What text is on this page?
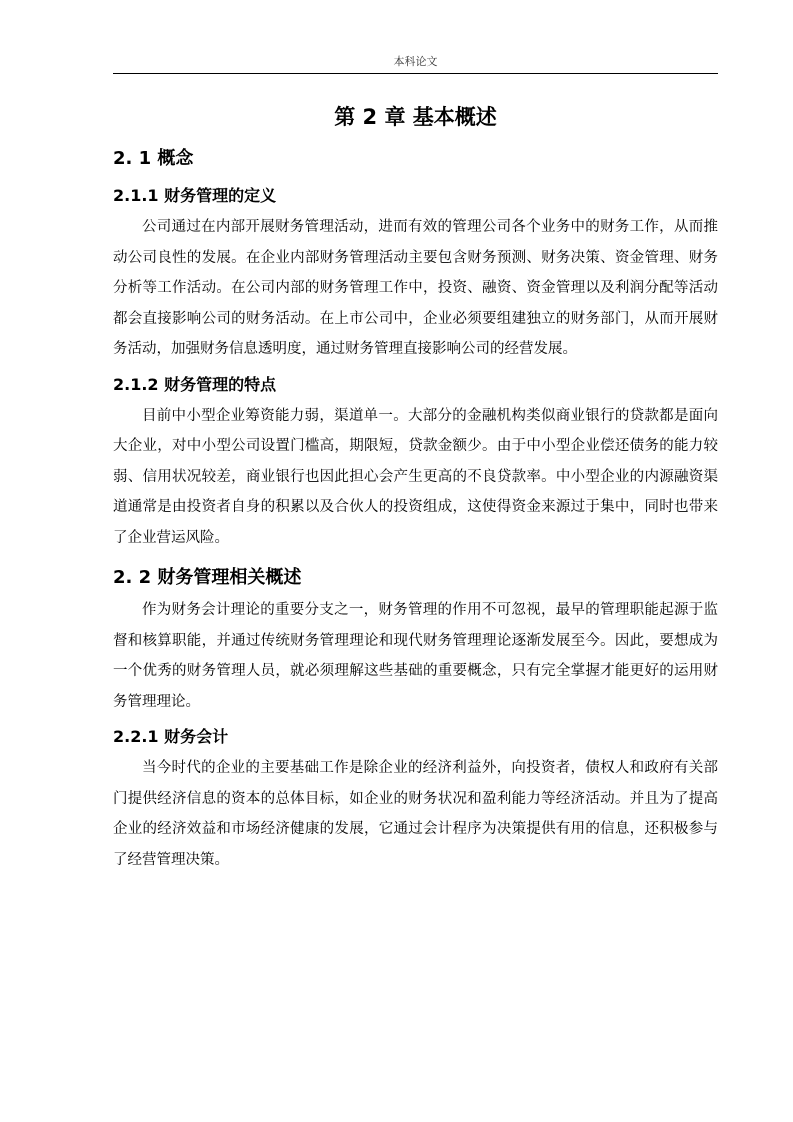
本科论文
第 2 章 基本概述
2. 1 概念
2.1.1 财务管理的定义

公司通过在内部开展财务管理活动，进而有效的管理公司各个业务中的财务工作，从而推动公司良性的发展。在企业内部财务管理活动主要包含财务预测、财务决策、资金管理、财务分析等工作活动。在公司内部的财务管理工作中，投资、融资、资金管理以及利润分配等活动都会直接影响公司的财务活动。在上市公司中，企业必须要组建独立的财务部门，从而开展财务活动，加强财务信息透明度，通过财务管理直接影响公司的经营发展。

2.1.2 财务管理的特点

目前中小型企业筹资能力弱，渠道单一。大部分的金融机构类似商业银行的贷款都是面向大企业，对中小型公司设置门槛高，期限短，贷款金额少。由于中小型企业偿还债务的能力较弱、信用状况较差，商业银行也因此担心会产生更高的不良贷款率。中小型企业的内源融资渠道通常是由投资者自身的积累以及合伙人的投资组成，这使得资金来源过于集中，同时也带来了企业营运风险。

2. 2 财务管理相关概述

作为财务会计理论的重要分支之一，财务管理的作用不可忽视，最早的管理职能起源于监督和核算职能，并通过传统财务管理理论和现代财务管理理论逐渐发展至今。因此，要想成为一个优秀的财务管理人员，就必须理解这些基础的重要概念，只有完全掌握才能更好的运用财务管理理论。

2.2.1 财务会计

当今时代的企业的主要基础工作是除企业的经济利益外，向投资者，债权人和政府有关部门提供经济信息的资本的总体目标，如企业的财务状况和盈利能力等经济活动。并且为了提高企业的经济效益和市场经济健康的发展，它通过会计程序为决策提供有用的信息，还积极参与了经营管理决策。
